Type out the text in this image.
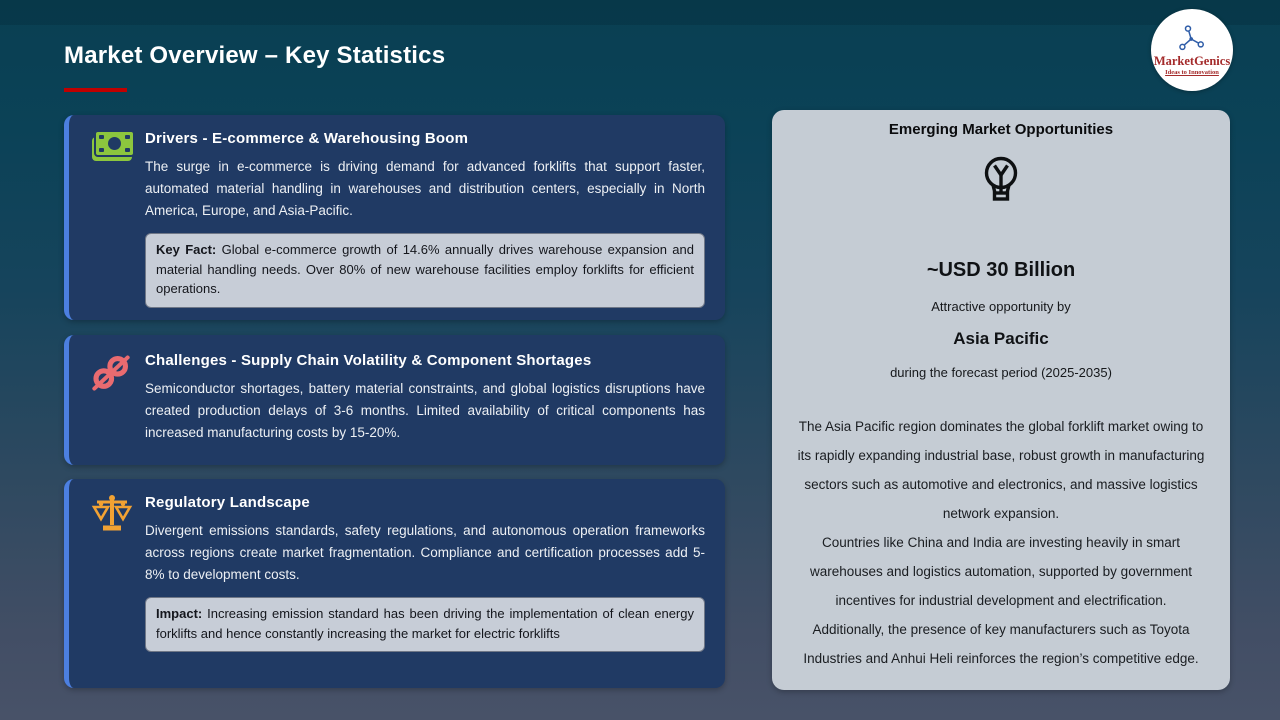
Market Overview – Key Statistics	MarketGenics
Ideas to Innovation
Drivers - E-commerce & Warehousing Boom
The surge in e-commerce is driving demand for advanced forklifts that support faster, automated material handling in warehouses and distribution centers, especially in North America, Europe, and Asia-Pacific.
Key Fact: Global e-commerce growth of 14.6% annually drives warehouse expansion and material handling needs. Over 80% of new warehouse facilities employ forklifts for efficient operations.
Challenges - Supply Chain Volatility & Component Shortages
Semiconductor shortages, battery material constraints, and global logistics disruptions have created production delays of 3-6 months. Limited availability of critical components has increased manufacturing costs by 15-20%.
Regulatory Landscape
Divergent emissions standards, safety regulations, and autonomous operation frameworks across regions create market fragmentation. Compliance and certification processes add 5-8% to development costs.
Impact: Increasing emission standard has been driving the implementation of clean energy forklifts and hence constantly increasing the market for electric forklifts
Emerging Market Opportunities
~USD 30 Billion
Attractive opportunity by
Asia Pacific
during the forecast period (2025-2035)
The Asia Pacific region dominates the global forklift market owing to its rapidly expanding industrial base, robust growth in manufacturing sectors such as automotive and electronics, and massive logistics network expansion.
Countries like China and India are investing heavily in smart warehouses and logistics automation, supported by government incentives for industrial development and electrification.
Additionally, the presence of key manufacturers such as Toyota Industries and Anhui Heli reinforces the region’s competitive edge.
